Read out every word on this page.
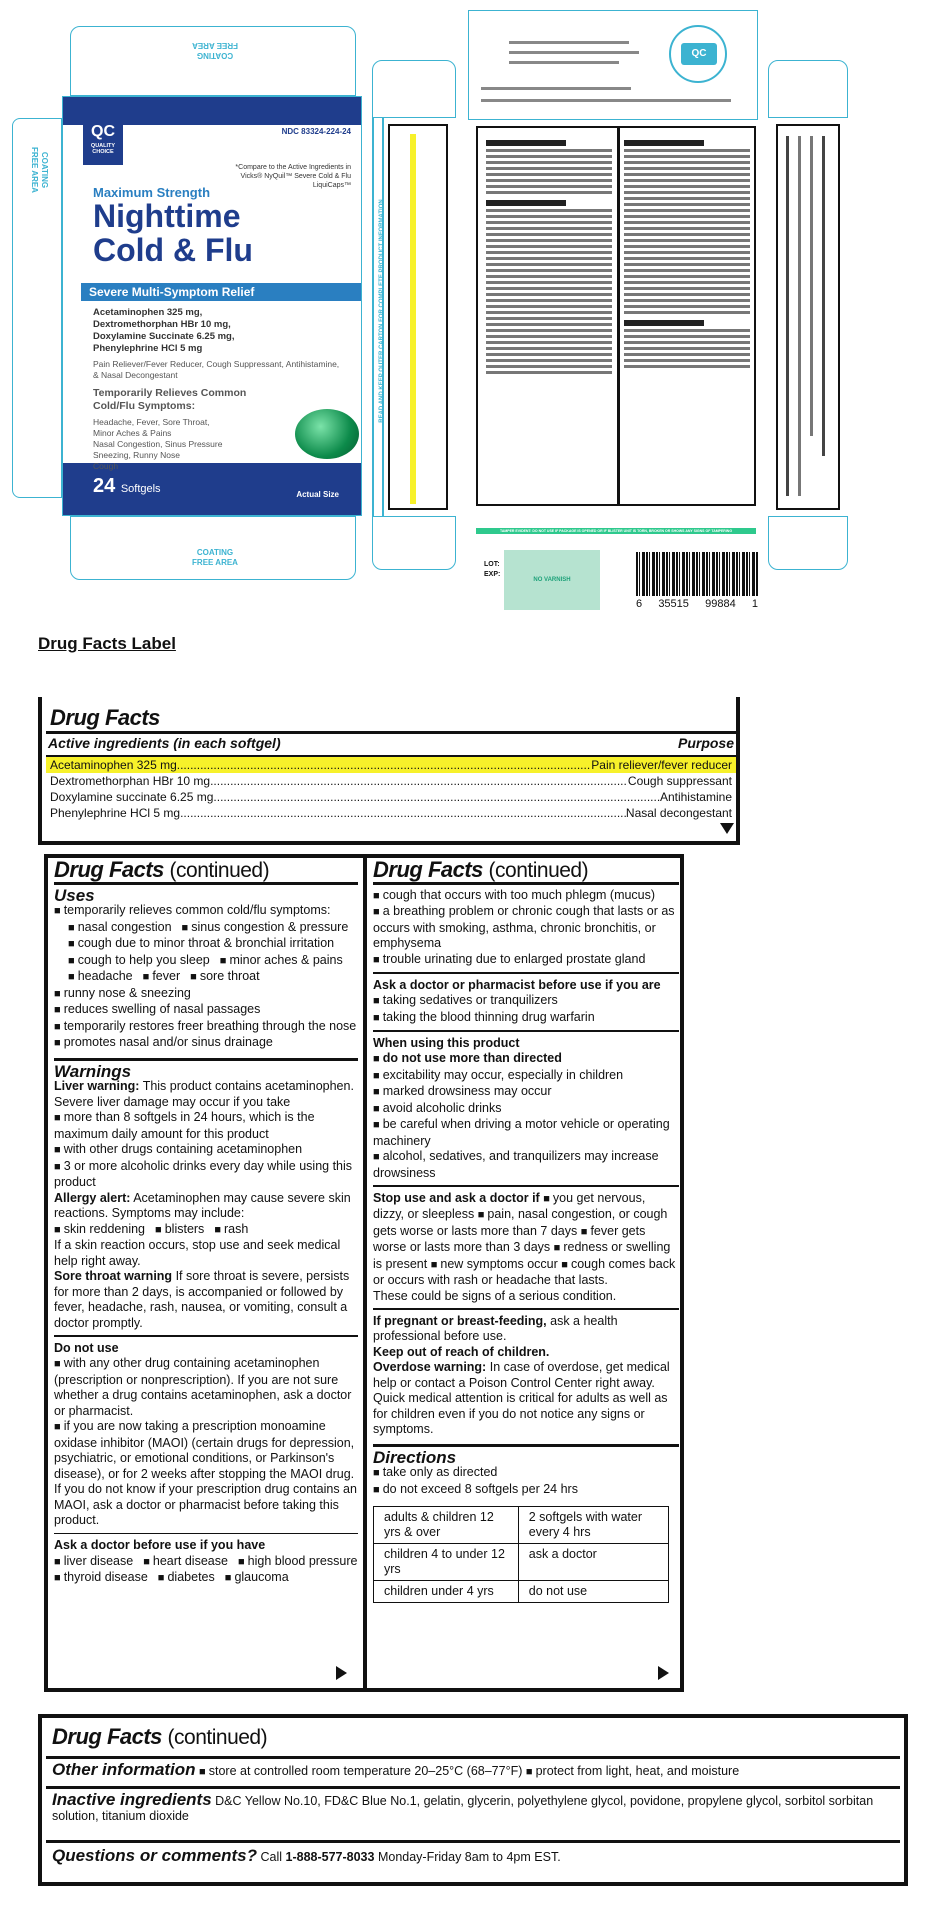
COATING
FREE AREA
COATING
FREE AREA
QC
QUALITY
CHOICE
NDC 83324-224-24
*Compare to the Active Ingredients in Vicks® NyQuil™ Severe Cold & Flu LiquiCaps™
Maximum Strength
Nighttime
Cold & Flu
Severe Multi-Symptom Relief
Acetaminophen 325 mg,
Dextromethorphan HBr 10 mg,
Doxylamine Succinate 6.25 mg,
Phenylephrine HCl 5 mg
Pain Reliever/Fever Reducer, Cough Suppressant, Antihistamine, & Nasal Decongestant
Temporarily Relieves Common
Cold/Flu Symptoms:
Headache, Fever, Sore Throat,
Minor Aches & Pains
Nasal Congestion, Sinus Pressure
Sneezing, Runny Nose
Cough
24 Softgels	Actual Size
COATING
FREE AREA
READ AND KEEP OUTER CARTON FOR COMPLETE PRODUCT INFORMATION
QC
TAMPER EVIDENT: DO NOT USE IF PACKAGE IS OPENED OR IF BLISTER UNIT IS TORN, BROKEN OR SHOWS ANY SIGNS OF TAMPERING
LOT:
EXP:
NO VARNISH
6 35515 99884 1
Drug Facts Label
Drug Facts
Active ingredients (in each softgel)	Purpose
Acetaminophen 325 mg .....	Pain reliever/fever reducer
Dextromethorphan HBr 10 mg .....	Cough suppressant
Doxylamine succinate 6.25 mg .....	Antihistamine
Phenylephrine HCl 5 mg .....	Nasal decongestant
Drug Facts (continued)
Uses

■ temporarily relieves common cold/flu symptoms:

■ nasal congestion ■ sinus congestion & pressure

■ cough due to minor throat & bronchial irritation

■ cough to help you sleep ■ minor aches & pains

■ headache ■ fever ■ sore throat

■ runny nose & sneezing

■ reduces swelling of nasal passages

■ temporarily restores freer breathing through the nose

■ promotes nasal and/or sinus drainage

Warnings

Liver warning: This product contains acetaminophen. Severe liver damage may occur if you take

■ more than 8 softgels in 24 hours, which is the maximum daily amount for this product

■ with other drugs containing acetaminophen

■ 3 or more alcoholic drinks every day while using this product

Allergy alert: Acetaminophen may cause severe skin reactions. Symptoms may include:

■ skin reddening ■ blisters ■ rash

If a skin reaction occurs, stop use and seek medical help right away.

Sore throat warning If sore throat is severe, persists for more than 2 days, is accompanied or followed by fever, headache, rash, nausea, or vomiting, consult a doctor promptly.

Do not use

■ with any other drug containing acetaminophen (prescription or nonprescription). If you are not sure whether a drug contains acetaminophen, ask a doctor or pharmacist.

■ if you are now taking a prescription monoamine oxidase inhibitor (MAOI) (certain drugs for depression, psychiatric, or emotional conditions, or Parkinson's disease), or for 2 weeks after stopping the MAOI drug. If you do not know if your prescription drug contains an MAOI, ask a doctor or pharmacist before taking this product.

Ask a doctor before use if you have

■ liver disease ■ heart disease ■ high blood pressure ■ thyroid disease ■ diabetes ■ glaucoma

Drug Facts (continued)

■ cough that occurs with too much phlegm (mucus)

■ a breathing problem or chronic cough that lasts or as occurs with smoking, asthma, chronic bronchitis, or emphysema

■ trouble urinating due to enlarged prostate gland

Ask a doctor or pharmacist before use if you are

■ taking sedatives or tranquilizers

■ taking the blood thinning drug warfarin

When using this product

■ do not use more than directed

■ excitability may occur, especially in children

■ marked drowsiness may occur

■ avoid alcoholic drinks

■ be careful when driving a motor vehicle or operating machinery

■ alcohol, sedatives, and tranquilizers may increase drowsiness

Stop use and ask a doctor if ■ you get nervous, dizzy, or sleepless ■ pain, nasal congestion, or cough gets worse or lasts more than 7 days ■ fever gets worse or lasts more than 3 days ■ redness or swelling is present ■ new symptoms occur ■ cough comes back or occurs with rash or headache that lasts.

These could be signs of a serious condition.

If pregnant or breast-feeding, ask a health professional before use.

Keep out of reach of children.

Overdose warning: In case of overdose, get medical help or contact a Poison Control Center right away. Quick medical attention is critical for adults as well as for children even if you do not notice any signs or symptoms.

Directions

■ take only as directed

■ do not exceed 8 softgels per 24 hrs

adults & children 12 yrs & over	2 softgels with water every 4 hrs
children 4 to under 12 yrs	ask a doctor
children under 4 yrs	do not use
Drug Facts (continued)
Other information ■ store at controlled room temperature 20–25°C (68–77°F) ■ protect from light, heat, and moisture
Inactive ingredients D&C Yellow No.10, FD&C Blue No.1, gelatin, glycerin, polyethylene glycol, povidone, propylene glycol, sorbitol sorbitan solution, titanium dioxide
Questions or comments? Call 1-888-577-8033 Monday-Friday 8am to 4pm EST.
